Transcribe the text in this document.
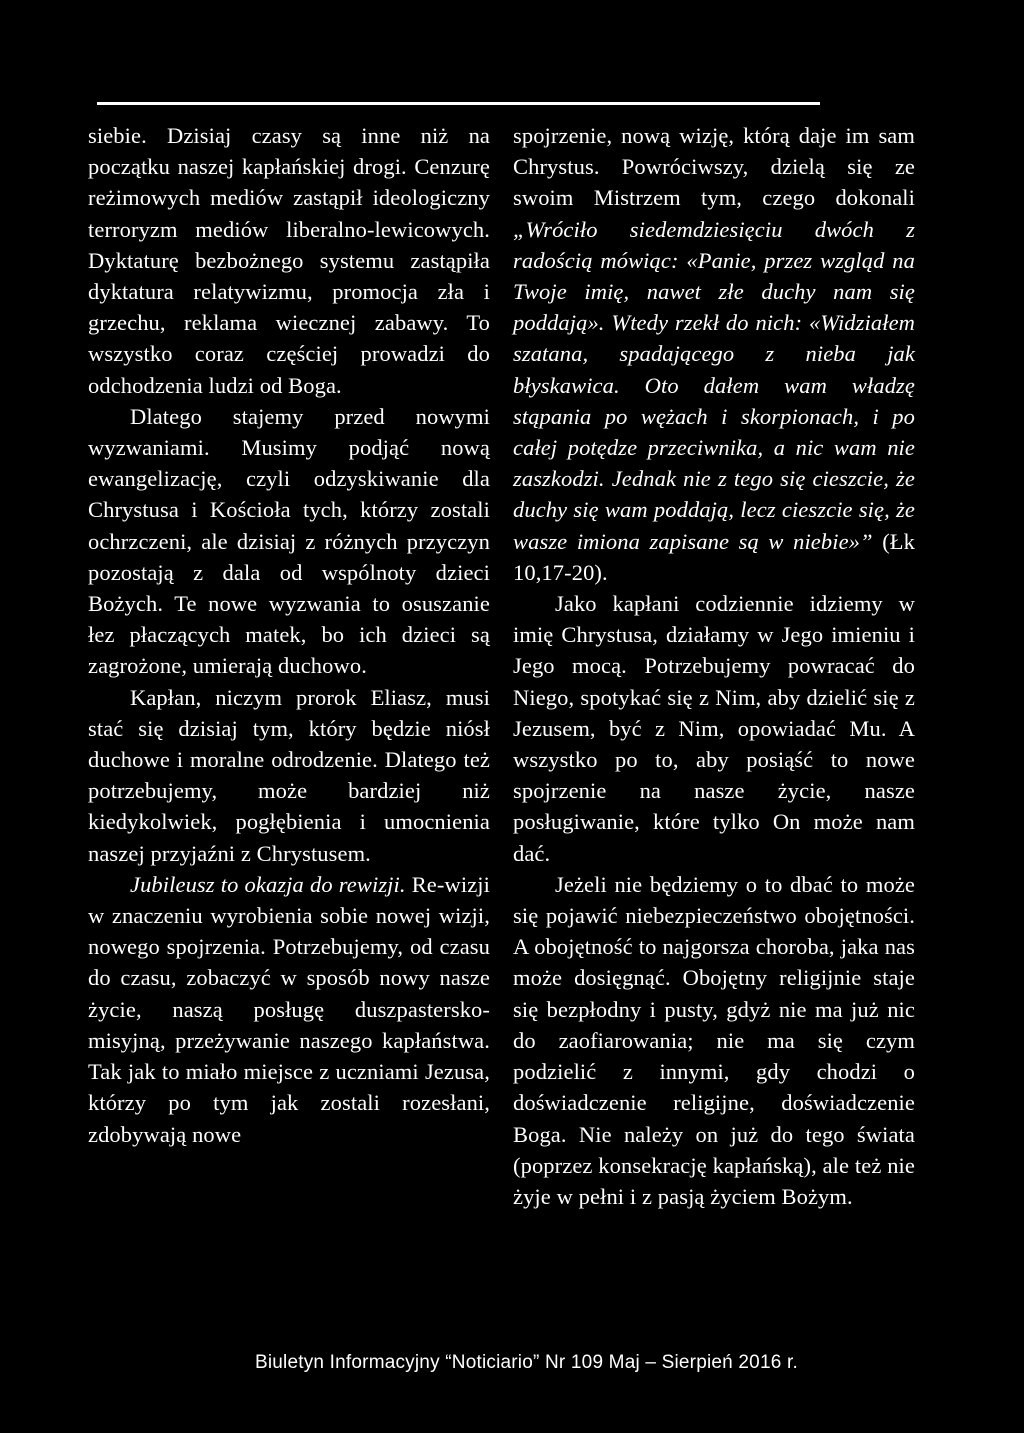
siebie. Dzisiaj czasy są inne niż na początku naszej kapłańskiej drogi. Cenzurę reżimowych mediów zastąpił ideologiczny terroryzm mediów liberalno-lewicowych. Dyktaturę bezbożnego systemu zastąpiła dyktatura relatywizmu, promocja zła i grzechu, reklama wiecznej zabawy. To wszystko coraz częściej prowadzi do odchodzenia ludzi od Boga.

Dlatego stajemy przed nowymi wyzwaniami. Musimy podjąć nową ewangelizację, czyli odzyskiwanie dla Chrystusa i Kościoła tych, którzy zostali ochrzczeni, ale dzisiaj z różnych przyczyn pozostają z dala od wspólnoty dzieci Bożych. Te nowe wyzwania to osuszanie łez płaczących matek, bo ich dzieci są zagrożone, umierają duchowo.

Kapłan, niczym prorok Eliasz, musi stać się dzisiaj tym, który będzie niósł duchowe i moralne odrodzenie. Dlatego też potrzebujemy, może bardziej niż kiedykolwiek, pogłębienia i umocnienia naszej przyjaźni z Chrystusem.

Jubileusz to okazja do rewizji. Re-wizji w znaczeniu wyrobienia sobie nowej wizji, nowego spojrzenia. Potrzebujemy, od czasu do czasu, zobaczyć w sposób nowy nasze życie, naszą posługę duszpastersko-misyjną, przeżywanie naszego kapłaństwa. Tak jak to miało miejsce z uczniami Jezusa, którzy po tym jak zostali rozesłani, zdobywają nowe

spojrzenie, nową wizję, którą daje im sam Chrystus. Powróciwszy, dzielą się ze swoim Mistrzem tym, czego dokonali „Wróciło siedemdziesięciu dwóch z radością mówiąc: «Panie, przez wzgląd na Twoje imię, nawet złe duchy nam się poddają». Wtedy rzekł do nich: «Widziałem szatana, spadającego z nieba jak błyskawica. Oto dałem wam władzę stąpania po wężach i skorpionach, i po całej potędze przeciwnika, a nic wam nie zaszkodzi. Jednak nie z tego się cieszcie, że duchy się wam poddają, lecz cieszcie się, że wasze imiona zapisane są w niebie»” (Łk 10,17-20).

Jako kapłani codziennie idziemy w imię Chrystusa, działamy w Jego imieniu i Jego mocą. Potrzebujemy powracać do Niego, spotykać się z Nim, aby dzielić się z Jezusem, być z Nim, opowiadać Mu. A wszystko po to, aby posiąść to nowe spojrzenie na nasze życie, nasze posługiwanie, które tylko On może nam dać.

Jeżeli nie będziemy o to dbać to może się pojawić niebezpieczeństwo obojętności. A obojętność to najgorsza choroba, jaka nas może dosięgnąć. Obojętny religijnie staje się bezpłodny i pusty, gdyż nie ma już nic do zaofiarowania; nie ma się czym podzielić z innymi, gdy chodzi o doświadczenie religijne, doświadczenie Boga. Nie należy on już do tego świata (poprzez konsekrację kapłańską), ale też nie żyje w pełni i z pasją życiem Bożym.

Biuletyn Informacyjny “Noticiario” Nr 109 Maj – Sierpień 2016 r.
